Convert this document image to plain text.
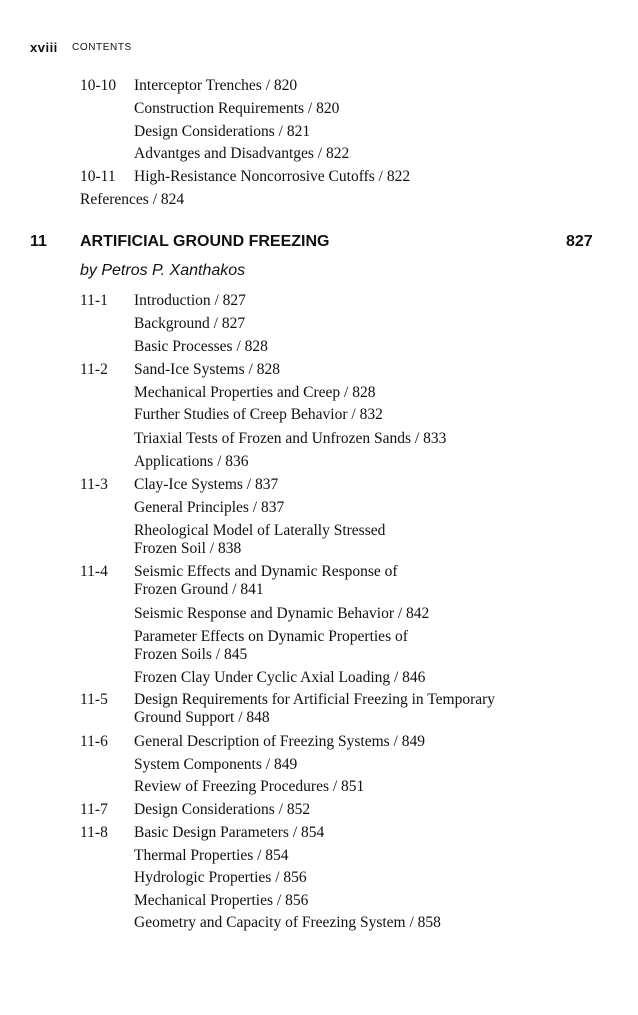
xviii CONTENTS
10-10 Interceptor Trenches / 820
Construction Requirements / 820
Design Considerations / 821
Advantges and Disadvantges / 822
10-11 High-Resistance Noncorrosive Cutoffs / 822
References / 824
11 ARTIFICIAL GROUND FREEZING	827
by Petros P. Xanthakos
11-1 Introduction / 827
Background / 827
Basic Processes / 828
11-2 Sand-Ice Systems / 828
Mechanical Properties and Creep / 828
Further Studies of Creep Behavior / 832
Triaxial Tests of Frozen and Unfrozen Sands / 833
Applications / 836
11-3 Clay-Ice Systems / 837
General Principles / 837
Rheological Model of Laterally Stressed
Frozen Soil / 838
11-4 Seismic Effects and Dynamic Response of
Frozen Ground / 841
Seismic Response and Dynamic Behavior / 842
Parameter Effects on Dynamic Properties of
Frozen Soils / 845
Frozen Clay Under Cyclic Axial Loading / 846
11-5 Design Requirements for Artificial Freezing in Temporary
Ground Support / 848
11-6 General Description of Freezing Systems / 849
System Components / 849
Review of Freezing Procedures / 851
11-7 Design Considerations / 852
11-8 Basic Design Parameters / 854
Thermal Properties / 854
Hydrologic Properties / 856
Mechanical Properties / 856
Geometry and Capacity of Freezing System / 858
